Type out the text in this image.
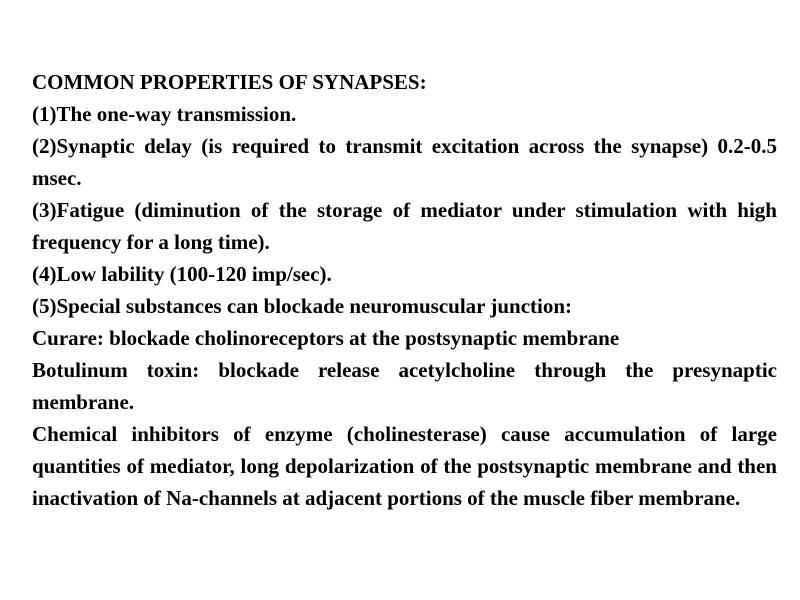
COMMON PROPERTIES OF SYNAPSES:

(1)The one-way transmission.

(2)Synaptic delay (is required to transmit excitation across the synapse) 0.2-0.5 msec.

(3)Fatigue (diminution of the storage of mediator under stimulation with high frequency for a long time).

(4)Low lability (100-120 imp/sec).

(5)Special substances can blockade neuromuscular junction:

Curare: blockade cholinoreceptors at the postsynaptic membrane

Botulinum toxin: blockade release acetylcholine through the presynaptic membrane.

Chemical inhibitors of enzyme (cholinesterase) cause accumulation of large quantities of mediator, long depolarization of the postsynaptic membrane and then inactivation of Na-channels at adjacent portions of the muscle fiber membrane.
